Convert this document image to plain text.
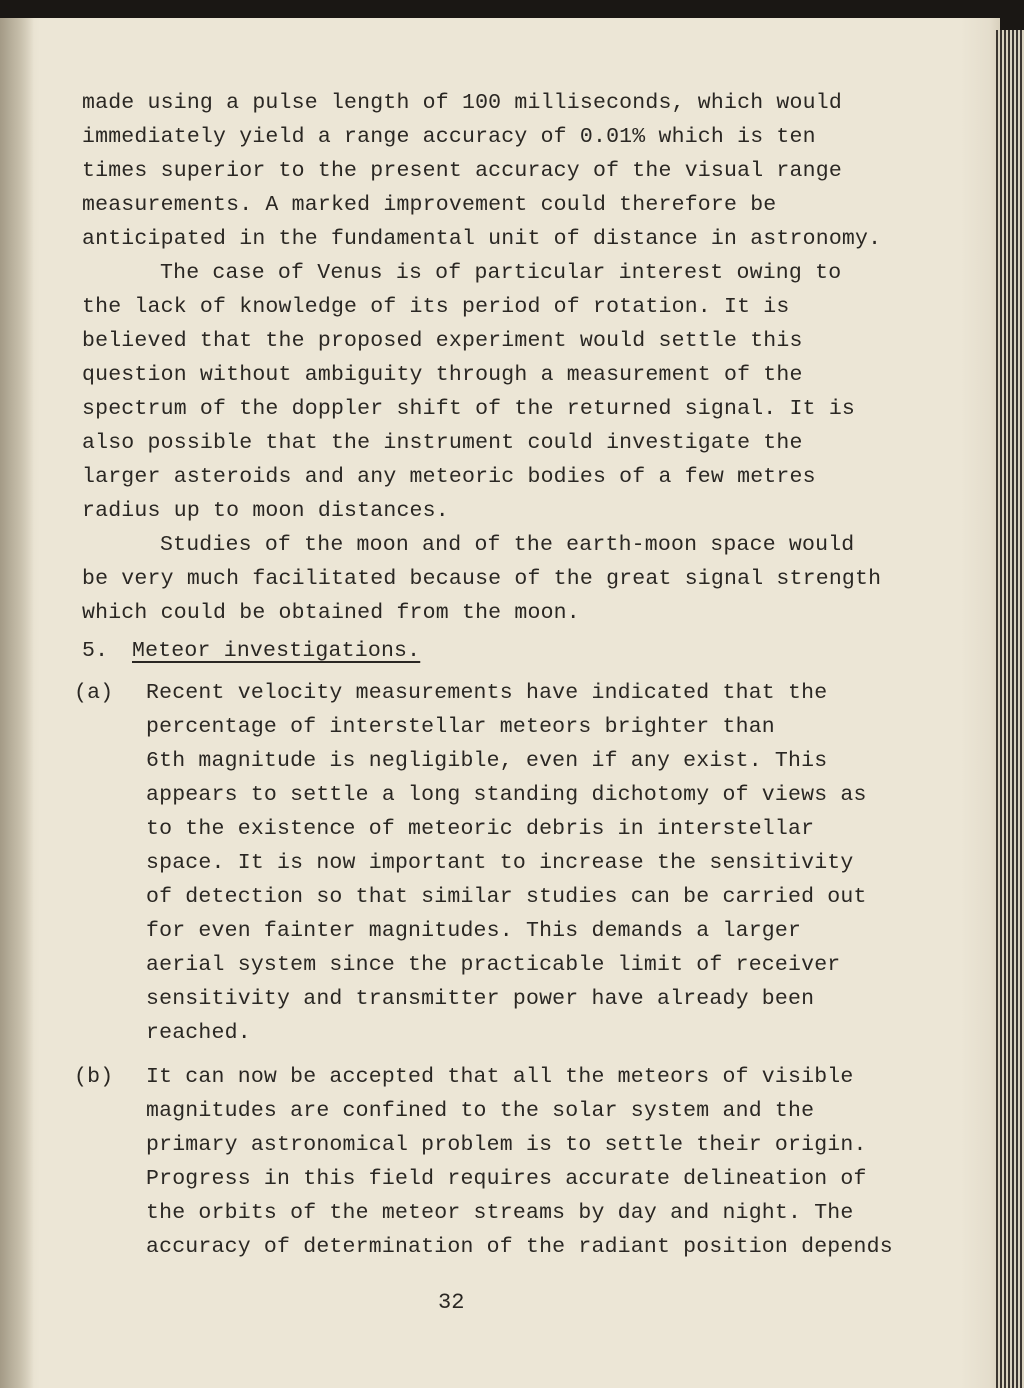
made using a pulse length of 100 milliseconds, which would
immediately yield a range accuracy of 0.01% which is ten
times superior to the present accuracy of the visual range
measurements. A marked improvement could therefore be
anticipated in the fundamental unit of distance in astronomy.
The case of Venus is of particular interest owing to
the lack of knowledge of its period of rotation. It is
believed that the proposed experiment would settle this
question without ambiguity through a measurement of the
spectrum of the doppler shift of the returned signal. It is
also possible that the instrument could investigate the
larger asteroids and any meteoric bodies of a few metres
radius up to moon distances.
Studies of the moon and of the earth-moon space would
be very much facilitated because of the great signal strength
which could be obtained from the moon.
5. Meteor investigations.
(a) Recent velocity measurements have indicated that the
percentage of interstellar meteors brighter than
6th magnitude is negligible, even if any exist. This
appears to settle a long standing dichotomy of views as
to the existence of meteoric debris in interstellar
space. It is now important to increase the sensitivity
of detection so that similar studies can be carried out
for even fainter magnitudes. This demands a larger
aerial system since the practicable limit of receiver
sensitivity and transmitter power have already been
reached.
(b) It can now be accepted that all the meteors of visible
magnitudes are confined to the solar system and the
primary astronomical problem is to settle their origin.
Progress in this field requires accurate delineation of
the orbits of the meteor streams by day and night. The
accuracy of determination of the radiant position depends
32
